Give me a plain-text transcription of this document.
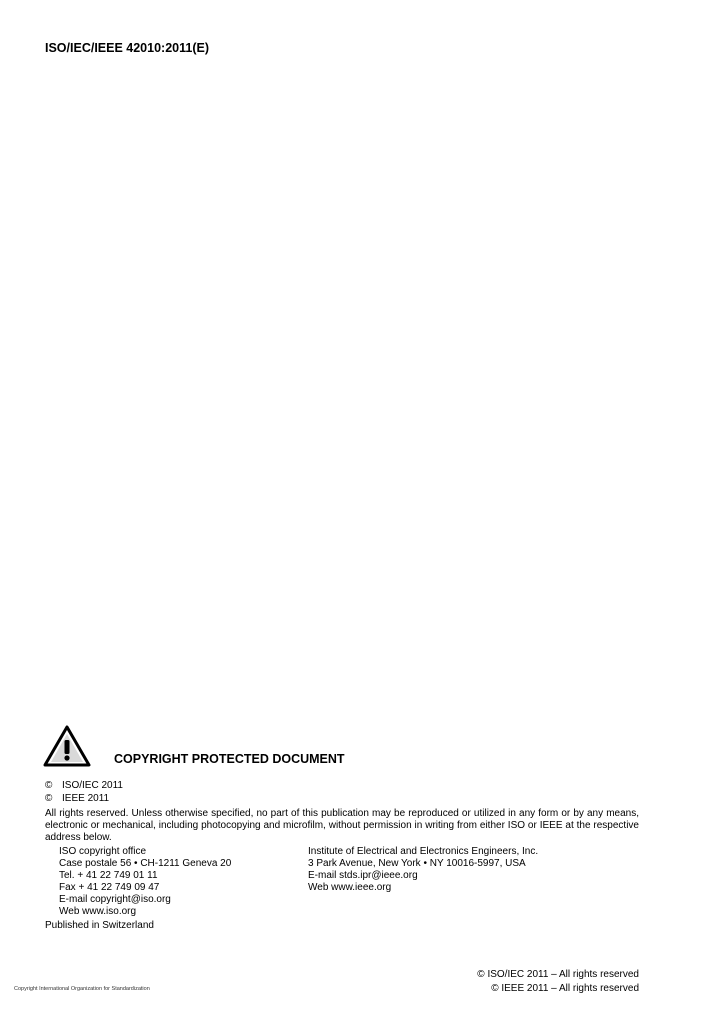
ISO/IEC/IEEE 42010:2011(E)
COPYRIGHT PROTECTED DOCUMENT
© ISO/IEC 2011
© IEEE 2011
All rights reserved. Unless otherwise specified, no part of this publication may be reproduced or utilized in any form or by any means, electronic or mechanical, including photocopying and microfilm, without permission in writing from either ISO or IEEE at the respective address below.
ISO copyright office
Case postale 56 • CH-1211 Geneva 20
Tel. + 41 22 749 01 11
Fax + 41 22 749 09 47
E-mail copyright@iso.org
Web www.iso.org
Institute of Electrical and Electronics Engineers, Inc.
3 Park Avenue, New York • NY 10016-5997, USA
E-mail stds.ipr@ieee.org
Web www.ieee.org
Published in Switzerland
© ISO/IEC 2011 – All rights reserved
© IEEE 2011 – All rights reserved
Copyright International Organization for Standardization
